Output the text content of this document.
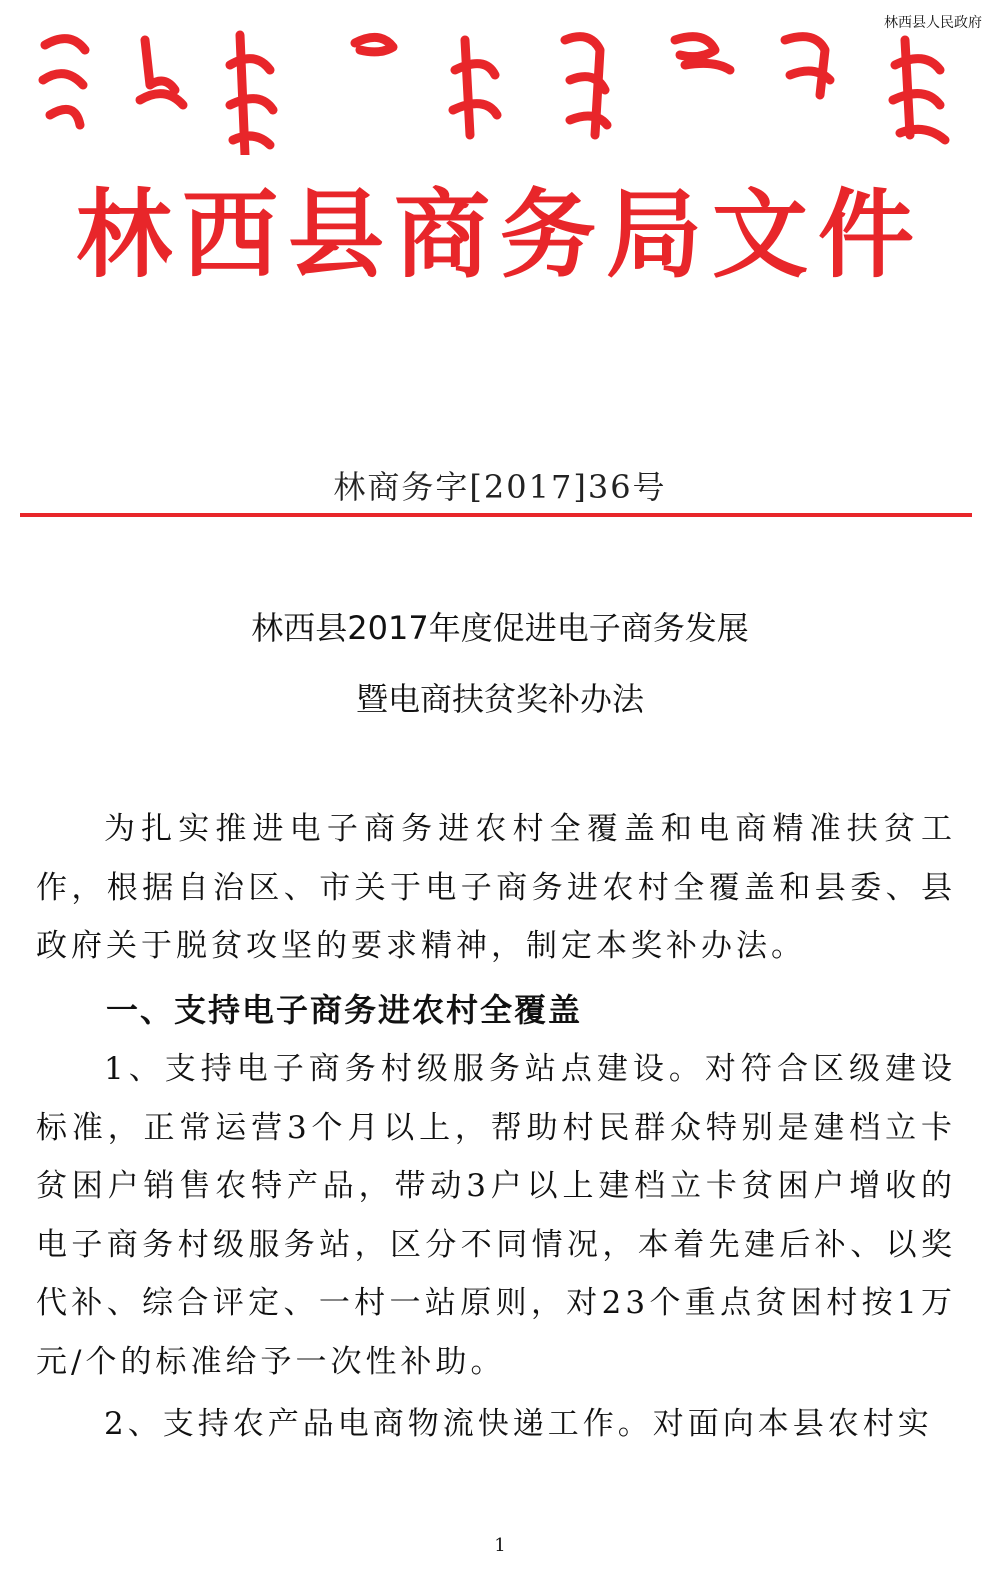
林西县人民政府
林西县商务局文件
林商务字[2017]36号
林西县2017年度促进电子商务发展
暨电商扶贫奖补办法
为扎实推进电子商务进农村全覆盖和电商精准扶贫工作，根据自治区、市关于电子商务进农村全覆盖和县委、县政府关于脱贫攻坚的要求精神，制定本奖补办法。
一、支持电子商务进农村全覆盖
1、支持电子商务村级服务站点建设。对符合区级建设标准，正常运营3个月以上，帮助村民群众特别是建档立卡贫困户销售农特产品，带动3户以上建档立卡贫困户增收的电子商务村级服务站，区分不同情况，本着先建后补、以奖代补、综合评定、一村一站原则，对23个重点贫困村按1万元/个的标准给予一次性补助。
2、支持农产品电商物流快递工作。对面向本县农村实
1
